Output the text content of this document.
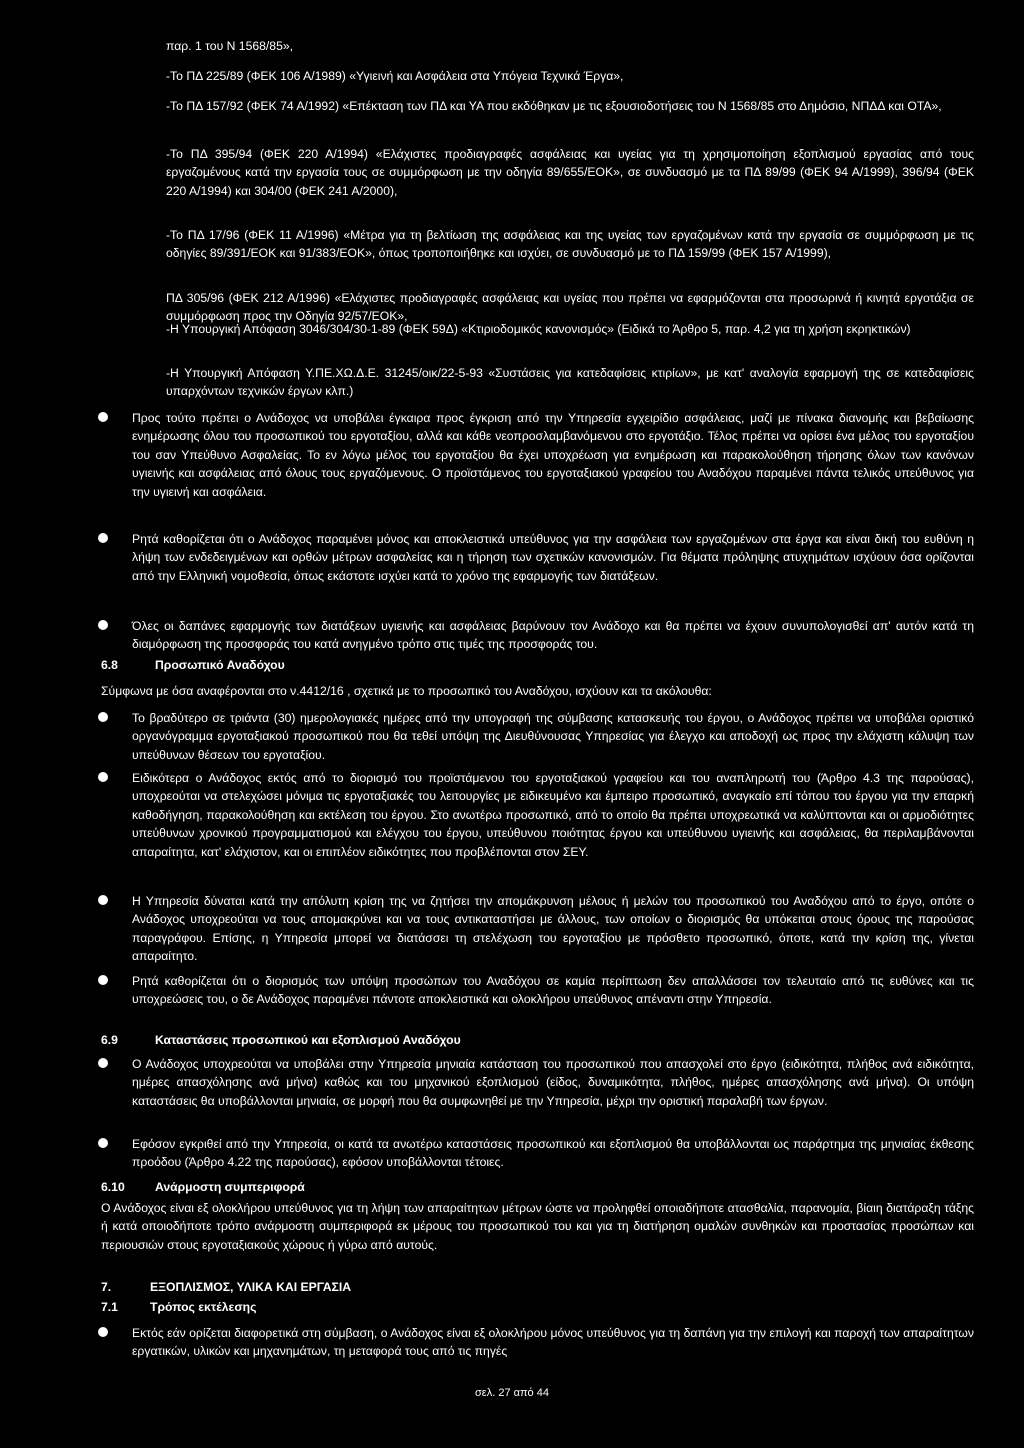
παρ. 1 του Ν 1568/85»,

-Το ΠΔ 225/89 (ΦΕΚ 106 Α/1989) «Υγιεινή και Ασφάλεια στα Υπόγεια Τεχνικά Έργα»,

-Το ΠΔ 157/92 (ΦΕΚ 74 Α/1992) «Επέκταση των ΠΔ και ΥΑ που εκδόθηκαν με τις εξουσιοδοτήσεις του Ν 1568/85 στο Δημόσιο, ΝΠΔΔ και ΟΤΑ»,

-Το ΠΔ 395/94 (ΦΕΚ 220 Α/1994) «Ελάχιστες προδιαγραφές ασφάλειας και υγείας για τη χρησιμοποίηση εξοπλισμού εργασίας από τους εργαζομένους κατά την εργασία τους σε συμμόρφωση με την οδηγία 89/655/ΕΟΚ», σε συνδυασμό με τα ΠΔ 89/99 (ΦΕΚ 94 Α/1999), 396/94 (ΦΕΚ 220 Α/1994) και 304/00 (ΦΕΚ 241 Α/2000),

-Το ΠΔ 17/96 (ΦΕΚ 11 Α/1996) «Μέτρα για τη βελτίωση της ασφάλειας και της υγείας των εργαζομένων κατά την εργασία σε συμμόρφωση με τις οδηγίες 89/391/ΕΟΚ και 91/383/ΕΟΚ», όπως τροποποιήθηκε και ισχύει, σε συνδυασμό με το ΠΔ 159/99 (ΦΕΚ 157 Α/1999),

ΠΔ 305/96 (ΦΕΚ 212 Α/1996) «Ελάχιστες προδιαγραφές ασφάλειας και υγείας που πρέπει να εφαρμόζονται στα προσωρινά ή κινητά εργοτάξια σε συμμόρφωση προς την Οδηγία 92/57/ΕΟΚ»,

-Η Υπουργική Απόφαση 3046/304/30-1-89 (ΦΕΚ 59Δ) «Κτιριοδομικός κανονισμός» (Ειδικά το Άρθρο 5, παρ. 4,2 για τη χρήση εκρηκτικών)

-Η Υπουργική Απόφαση Υ.ΠΕ.ΧΩ.Δ.Ε. 31245/οικ/22-5-93 «Συστάσεις για κατεδαφίσεις κτιρίων», με κατ' αναλογία εφαρμογή της σε κατεδαφίσεις υπαρχόντων τεχνικών έργων κλπ.)

Προς τούτο πρέπει ο Ανάδοχος να υποβάλει έγκαιρα προς έγκριση από την Υπηρεσία εγχειρίδιο ασφάλειας, μαζί με πίνακα διανομής και βεβαίωσης ενημέρωσης όλου του προσωπικού του εργοταξίου, αλλά και κάθε νεοπροσλαμβανόμενου στο εργοτάξιο. Τέλος πρέπει να ορίσει ένα μέλος του εργοταξίου του σαν Υπεύθυνο Ασφαλείας. Το εν λόγω μέλος του εργοταξίου θα έχει υποχρέωση για ενημέρωση και παρακολούθηση τήρησης όλων των κανόνων υγιεινής και ασφάλειας από όλους τους εργαζόμενους. Ο προϊστάμενος του εργοταξιακού γραφείου του Αναδόχου παραμένει πάντα τελικός υπεύθυνος για την υγιεινή και ασφάλεια.

Ρητά καθορίζεται ότι ο Ανάδοχος παραμένει μόνος και αποκλειστικά υπεύθυνος για την ασφάλεια των εργαζομένων στα έργα και είναι δική του ευθύνη η λήψη των ενδεδειγμένων και ορθών μέτρων ασφαλείας και η τήρηση των σχετικών κανονισμών. Για θέματα πρόληψης ατυχημάτων ισχύουν όσα ορίζονται από την Ελληνική νομοθεσία, όπως εκάστοτε ισχύει κατά το χρόνο της εφαρμογής των διατάξεων.

Όλες οι δαπάνες εφαρμογής των διατάξεων υγιεινής και ασφάλειας βαρύνουν τον Ανάδοχο και θα πρέπει να έχουν συνυπολογισθεί απ' αυτόν κατά τη διαμόρφωση της προσφοράς του κατά ανηγμένο τρόπο στις τιμές της προσφοράς του.

6.8	Προσωπικό Αναδόχου

Σύμφωνα με όσα αναφέρονται στο ν.4412/16 , σχετικά με το προσωπικό του Αναδόχου, ισχύουν και τα ακόλουθα:

Το βραδύτερο σε τριάντα (30) ημερολογιακές ημέρες από την υπογραφή της σύμβασης κατασκευής του έργου, ο Ανάδοχος πρέπει να υποβάλει οριστικό οργανόγραμμα εργοταξιακού προσωπικού που θα τεθεί υπόψη της Διευθύνουσας Υπηρεσίας για έλεγχο και αποδοχή ως προς την ελάχιστη κάλυψη των υπεύθυνων θέσεων του εργοταξίου.

Ειδικότερα ο Ανάδοχος εκτός από το διορισμό του προϊστάμενου του εργοταξιακού γραφείου και του αναπληρωτή του (Άρθρο 4.3 της παρούσας), υποχρεούται να στελεχώσει μόνιμα τις εργοταξιακές του λειτουργίες με ειδικευμένο και έμπειρο προσωπικό, αναγκαίο επί τόπου του έργου για την επαρκή καθοδήγηση, παρακολούθηση και εκτέλεση του έργου. Στο ανωτέρω προσωπικό, από το οποίο θα πρέπει υποχρεωτικά να καλύπτονται και οι αρμοδιότητες υπεύθυνων χρονικού προγραμματισμού και ελέγχου του έργου, υπεύθυνου ποιότητας έργου και υπεύθυνου υγιεινής και ασφάλειας, θα περιλαμβάνονται απαραίτητα, κατ' ελάχιστον, και οι επιπλέον ειδικότητες που προβλέπονται στον ΣΕΥ.

Η Υπηρεσία δύναται κατά την απόλυτη κρίση της να ζητήσει την απομάκρυνση μέλους ή μελών του προσωπικού του Αναδόχου από το έργο, οπότε ο Ανάδοχος υποχρεούται να τους απομακρύνει και να τους αντικαταστήσει με άλλους, των οποίων ο διορισμός θα υπόκειται στους όρους της παρούσας παραγράφου. Επίσης, η Υπηρεσία μπορεί να διατάσσει τη στελέχωση του εργοταξίου με πρόσθετο προσωπικό, όποτε, κατά την κρίση της, γίνεται απαραίτητο.

Ρητά καθορίζεται ότι ο διορισμός των υπόψη προσώπων του Αναδόχου σε καμία περίπτωση δεν απαλλάσσει τον τελευταίο από τις ευθύνες και τις υποχρεώσεις του, ο δε Ανάδοχος παραμένει πάντοτε αποκλειστικά και ολοκλήρου υπεύθυνος απέναντι στην Υπηρεσία.

6.9	Καταστάσεις προσωπικού και εξοπλισμού Αναδόχου

Ο Ανάδοχος υποχρεούται να υποβάλει στην Υπηρεσία μηνιαία κατάσταση του προσωπικού που απασχολεί στο έργο (ειδικότητα, πλήθος ανά ειδικότητα, ημέρες απασχόλησης ανά μήνα) καθώς και του μηχανικού εξοπλισμού (είδος, δυναμικότητα, πλήθος, ημέρες απασχόλησης ανά μήνα). Οι υπόψη καταστάσεις θα υποβάλλονται μηνιαία, σε μορφή που θα συμφωνηθεί με την Υπηρεσία, μέχρι την οριστική παραλαβή των έργων.

Εφόσον εγκριθεί από την Υπηρεσία, οι κατά τα ανωτέρω καταστάσεις προσωπικού και εξοπλισμού θα υποβάλλονται ως παράρτημα της μηνιαίας έκθεσης προόδου (Άρθρο 4.22 της παρούσας), εφόσον υποβάλλονται τέτοιες.

6.10 Ανάρμοστη συμπεριφορά

Ο Ανάδοχος είναι εξ ολοκλήρου υπεύθυνος για τη λήψη των απαραίτητων μέτρων ώστε να προληφθεί οποιαδήποτε ατασθαλία, παρανομία, βίαιη διατάραξη τάξης ή κατά οποιοδήποτε τρόπο ανάρμοστη συμπεριφορά εκ μέρους του προσωπικού του και για τη διατήρηση ομαλών συνθηκών και προστασίας προσώπων και περιουσιών στους εργοταξιακούς χώρους ή γύρω από αυτούς.

7.	ΕΞΟΠΛΙΣΜΟΣ, ΥΛΙΚΑ ΚΑΙ ΕΡΓΑΣΙΑ
7.1	Τρόπος εκτέλεσης

Εκτός εάν ορίζεται διαφορετικά στη σύμβαση, ο Ανάδοχος είναι εξ ολοκλήρου μόνος υπεύθυνος για τη δαπάνη για την επιλογή και παροχή των απαραίτητων εργατικών, υλικών και μηχανημάτων, τη μεταφορά τους από τις πηγές

σελ. 27 από 44
